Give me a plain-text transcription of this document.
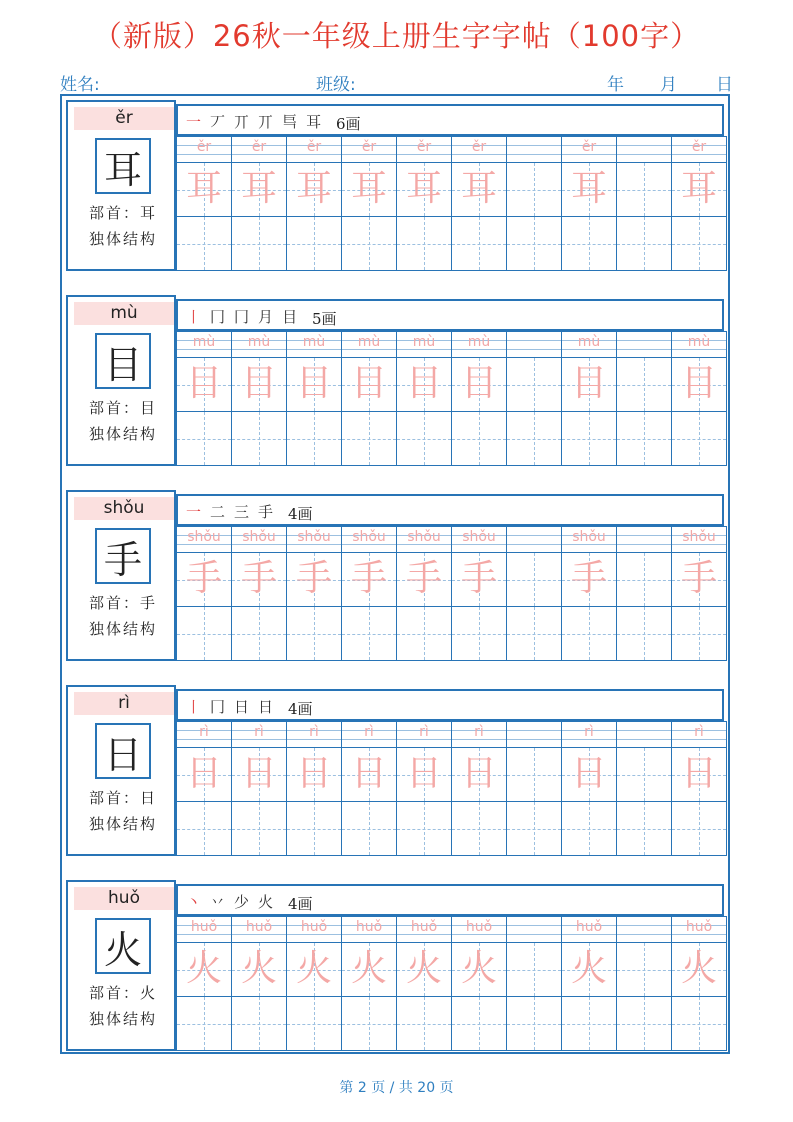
（新版）26秋一年级上册生字字帖（100字）
姓名:	班级:	年 月 日
ěr
耳
部首：耳
独体结构
一丆丌丌巪耳 6画
ěr
耳
ěr
耳
ěr
耳
ěr
耳
ěr
耳
ěr
耳
ěr
耳
ěr
耳
mù
目
部首：目
独体结构
丨冂冂月目 5画
mù
目
mù
目
mù
目
mù
目
mù
目
mù
目
mù
目
mù
目
shǒu
手
部首：手
独体结构
一二三手 4画
shǒu
手
shǒu
手
shǒu
手
shǒu
手
shǒu
手
shǒu
手
shǒu
手
shǒu
手
rì
日
部首：日
独体结构
丨冂日日 4画
rì
日
rì
日
rì
日
rì
日
rì
日
rì
日
rì
日
rì
日
huǒ
火
部首：火
独体结构
丶丷少火 4画
huǒ
火
huǒ
火
huǒ
火
huǒ
火
huǒ
火
huǒ
火
huǒ
火
huǒ
火
第 2 页 / 共 20 页
